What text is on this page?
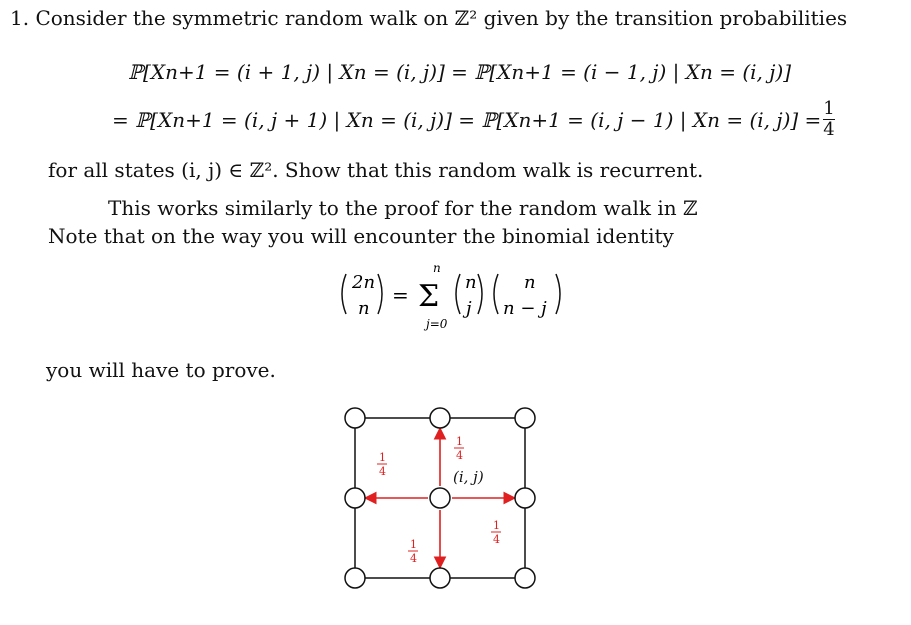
1. Consider the symmetric random walk on ℤ² given by the transition probabilities
ℙ[Xn+1 = (i + 1, j) | Xn = (i, j)] = ℙ[Xn+1 = (i − 1, j) | Xn = (i, j)]
= ℙ[Xn+1 = (i, j + 1) | Xn = (i, j)] = ℙ[Xn+1 = (i, j − 1) | Xn = (i, $j)] = \frac{1}{4}$
for all states (i, j) ∈ ℤ². Show that this random walk is recurrent.
This works similarly to the proof for the random walk in ℤ
Note that on the way you will encounter the binomial identity
2n
n
=
n
Σ
j=0
n
j
n
n − j
you will have to prove.
1
4
1
4
1
4
1
4
(i, j)
